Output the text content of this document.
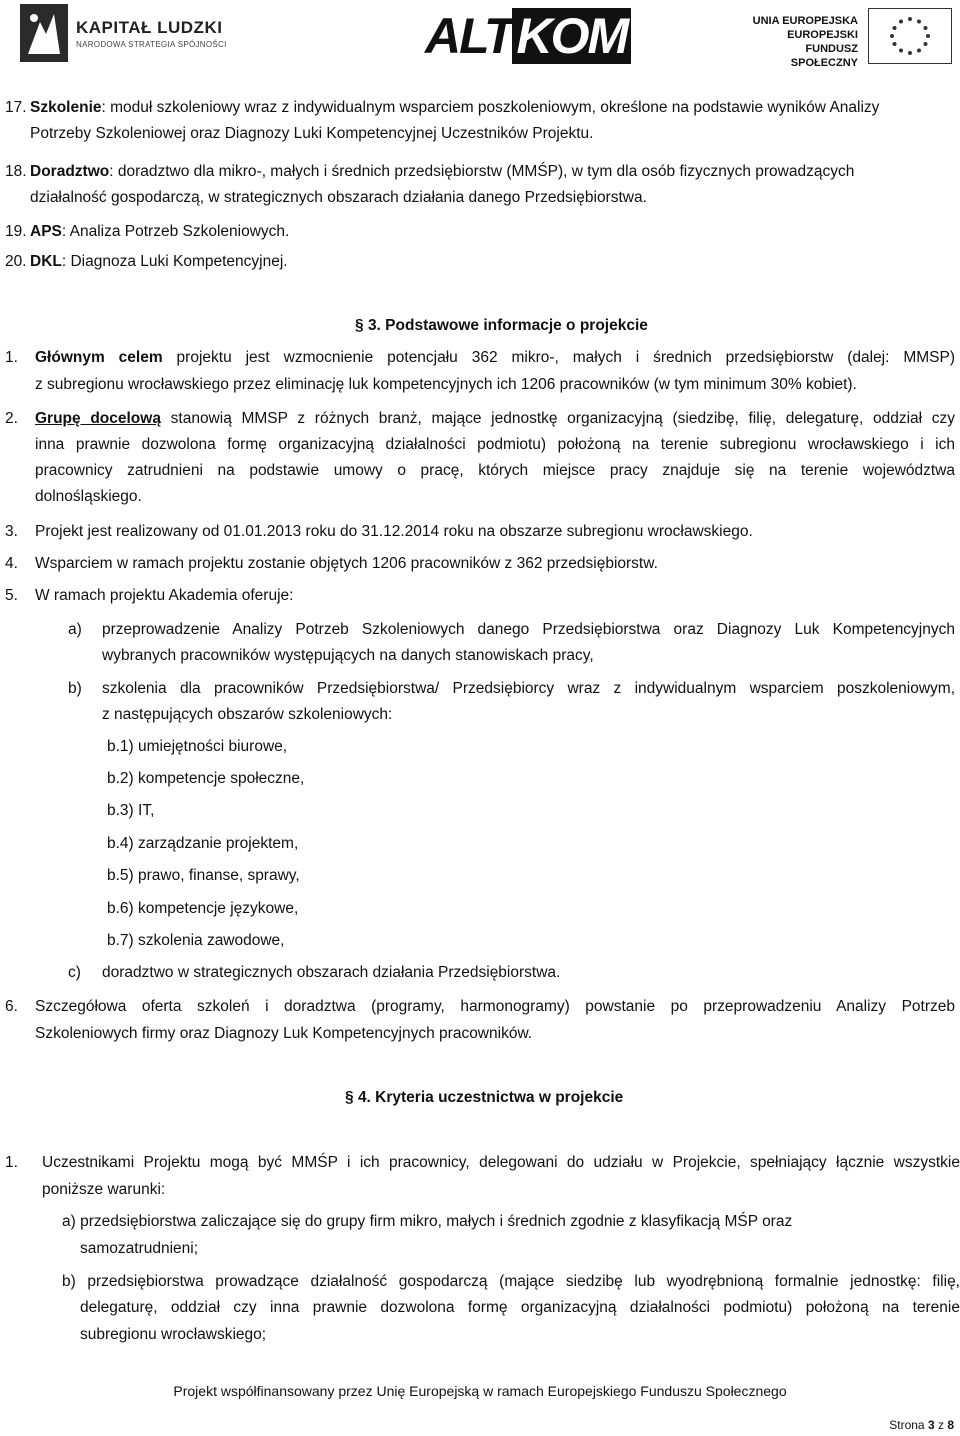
KAPITAŁ LUDZKI
NARODOWA STRATEGIA SPÓJNOŚCI	ALTKOM	UNIA EUROPEJSKA
EUROPEJSKI
FUNDUSZ SPOŁECZNY
17. Szkolenie: moduł szkoleniowy wraz z indywidualnym wsparciem poszkoleniowym, określone na podstawie wyników Analizy
Potrzeby Szkoleniowej oraz Diagnozy Luki Kompetencyjnej Uczestników Projektu.
18. Doradztwo: doradztwo dla mikro-, małych i średnich przedsiębiorstw (MMŚP), w tym dla osób fizycznych prowadzących
działalność gospodarczą, w strategicznych obszarach działania danego Przedsiębiorstwa.
19. APS: Analiza Potrzeb Szkoleniowych.
20. DKL: Diagnoza Luki Kompetencyjnej.
§ 3. Podstawowe informacje o projekcie
1. Głównym celem projektu jest wzmocnienie potencjału 362 mikro-, małych i średnich przedsiębiorstw (dalej: MMSP)
z subregionu wrocławskiego przez eliminację luk kompetencyjnych ich 1206 pracowników (w tym minimum 30% kobiet).
2. Grupę docelową stanowią MMSP z różnych branż, mające jednostkę organizacyjną (siedzibę, filię, delegaturę, oddział czy
inna prawnie dozwolona formę organizacyjną działalności podmiotu) położoną na terenie subregionu wrocławskiego i ich
pracownicy zatrudnieni na podstawie umowy o pracę, których miejsce pracy znajduje się na terenie województwa
dolnośląskiego.
3. Projekt jest realizowany od 01.01.2013 roku do 31.12.2014 roku na obszarze subregionu wrocławskiego.
4. Wsparciem w ramach projektu zostanie objętych 1206 pracowników z 362 przedsiębiorstw.
5. W ramach projektu Akademia oferuje:
a) przeprowadzenie Analizy Potrzeb Szkoleniowych danego Przedsiębiorstwa oraz Diagnozy Luk Kompetencyjnych
wybranych pracowników występujących na danych stanowiskach pracy,
b) szkolenia dla pracowników Przedsiębiorstwa/ Przedsiębiorcy wraz z indywidualnym wsparciem poszkoleniowym,
z następujących obszarów szkoleniowych:
b.1) umiejętności biurowe,
b.2) kompetencje społeczne,
b.3) IT,
b.4) zarządzanie projektem,
b.5) prawo, finanse, sprawy,
b.6) kompetencje językowe,
b.7) szkolenia zawodowe,
c) doradztwo w strategicznych obszarach działania Przedsiębiorstwa.
6. Szczegółowa oferta szkoleń i doradztwa (programy, harmonogramy) powstanie po przeprowadzeniu Analizy Potrzeb
Szkoleniowych firmy oraz Diagnozy Luk Kompetencyjnych pracowników.
§ 4. Kryteria uczestnictwa w projekcie
1. Uczestnikami Projektu mogą być MMŚP i ich pracownicy, delegowani do udziału w Projekcie, spełniający łącznie wszystkie
poniższe warunki:
a) przedsiębiorstwa zaliczające się do grupy firm mikro, małych i średnich zgodnie z klasyfikacją MŚP oraz
samozatrudnieni;
b) przedsiębiorstwa prowadzące działalność gospodarczą (mające siedzibę lub wyodrębnioną formalnie jednostkę: filię,
delegaturę, oddział czy inna prawnie dozwolona formę organizacyjną działalności podmiotu) położoną na terenie
subregionu wrocławskiego;
Projekt współfinansowany przez Unię Europejską w ramach Europejskiego Funduszu Społecznego
Strona 3 z 8
